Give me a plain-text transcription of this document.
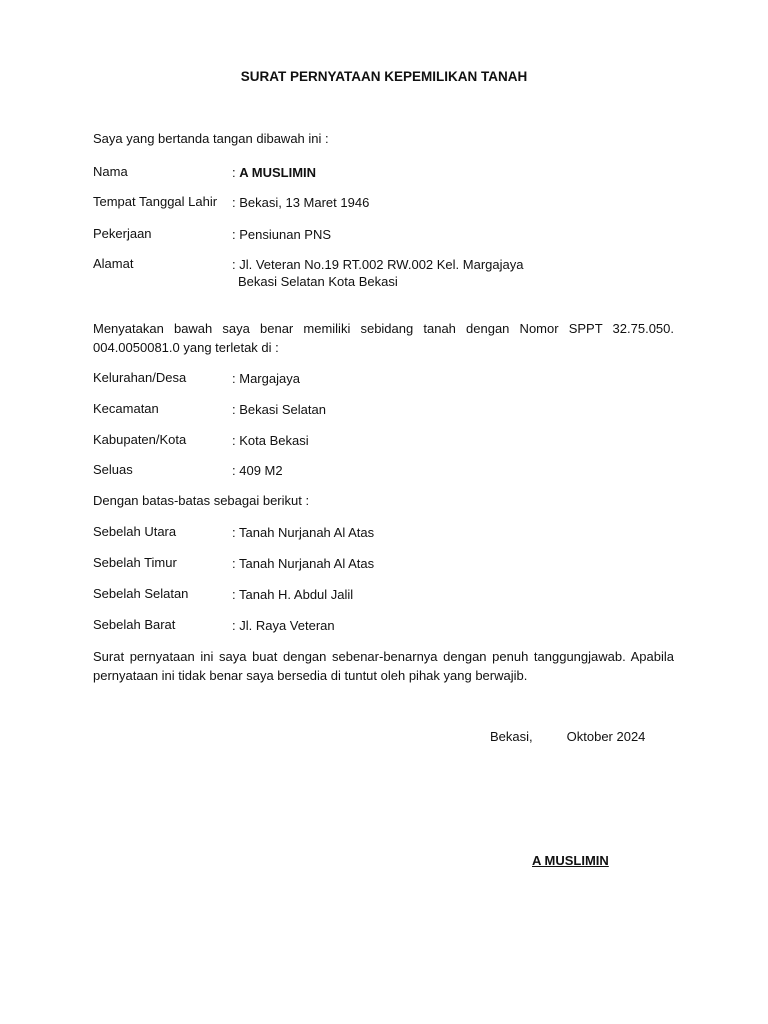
SURAT PERNYATAAN KEPEMILIKAN TANAH
Saya yang bertanda tangan dibawah ini :
Nama	: A MUSLIMIN
Tempat Tanggal Lahir : Bekasi, 13 Maret 1946
Pekerjaan	: Pensiunan PNS
Alamat	: Jl. Veteran No.19 RT.002 RW.002 Kel. Margajaya
Bekasi Selatan Kota Bekasi
Menyatakan bawah saya benar memiliki sebidang tanah dengan Nomor SPPT 32.75.050. 004.0050081.0 yang terletak di :
Kelurahan/Desa	: Margajaya
Kecamatan	: Bekasi Selatan
Kabupaten/Kota	: Kota Bekasi
Seluas	: 409 M2
Dengan batas-batas sebagai berikut :
Sebelah Utara	: Tanah Nurjanah Al Atas
Sebelah Timur	: Tanah Nurjanah Al Atas
Sebelah Selatan	: Tanah H. Abdul Jalil
Sebelah Barat	: Jl. Raya Veteran
Surat pernyataan ini saya buat dengan sebenar-benarnya dengan penuh tanggungjawab. Apabila pernyataan ini tidak benar saya bersedia di tuntut oleh pihak yang berwajib.
Bekasi,	Oktober 2024
A MUSLIMIN
